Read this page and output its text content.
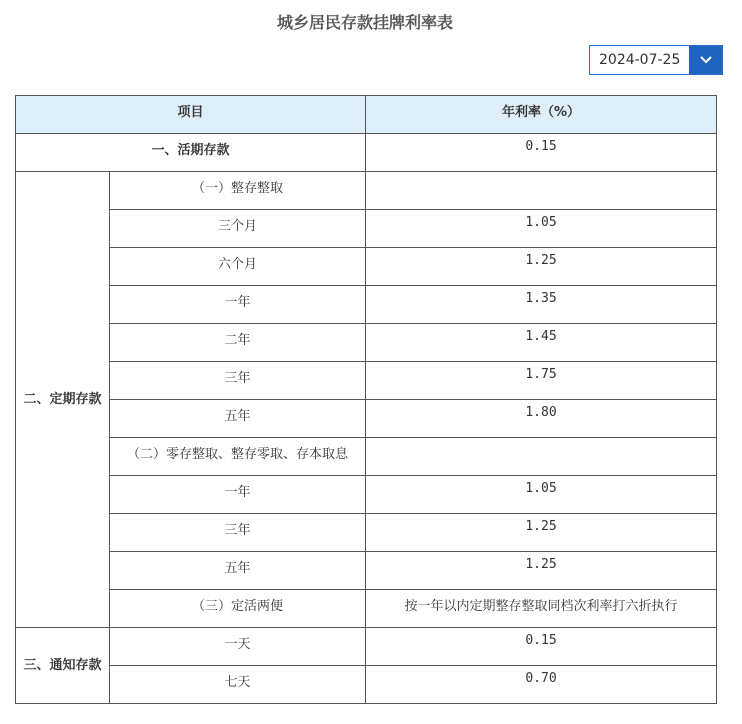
城乡居民存款挂牌利率表
2024-07-25
项目		年利率（%）
一、活期存款		0.15
二、定期存款	（一）整存整取	
	三个月	1.05
	六个月	1.25
	一年	1.35
	二年	1.45
	三年	1.75
	五年	1.80
	（二）零存整取、整存零取、存本取息	
	一年	1.05
	三年	1.25
	五年	1.25
	（三）定活两便	按一年以内定期整存整取同档次利率打六折执行
三、通知存款	一天	0.15
	七天	0.70
